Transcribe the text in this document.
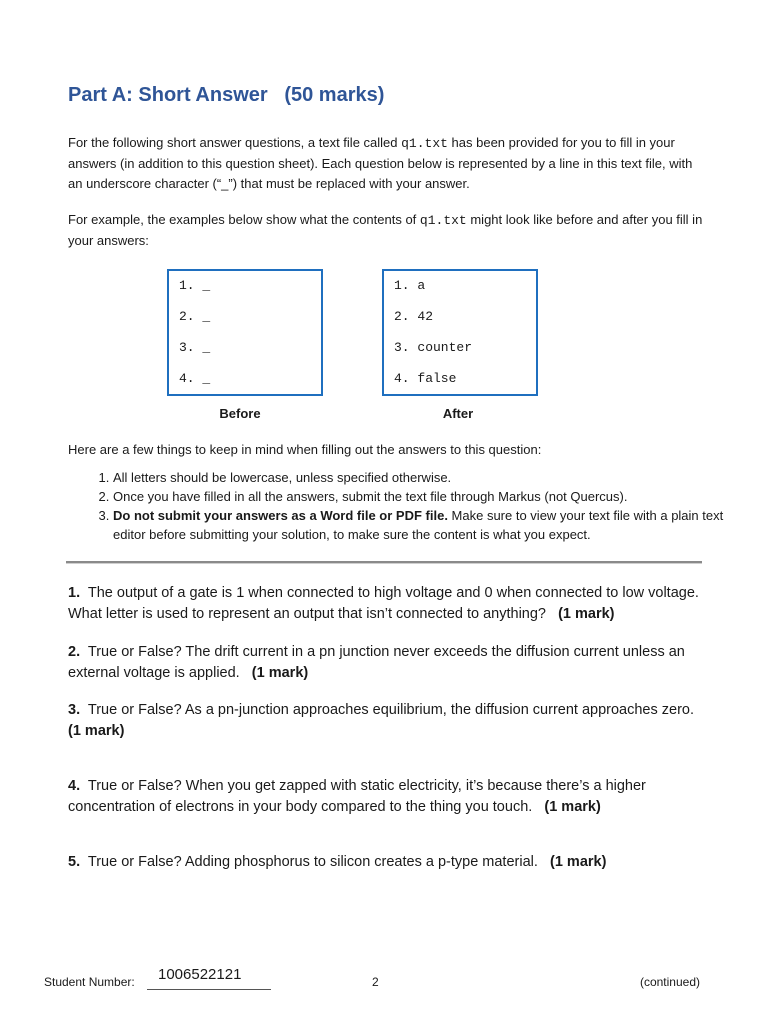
Part A: Short Answer (50 marks)
For the following short answer questions, a text file called q1.txt has been provided for you to fill in your answers (in addition to this question sheet). Each question below is represented by a line in this text file, with an underscore character (“_”) that must be replaced with your answer.
For example, the examples below show what the contents of q1.txt might look like before and after you fill in your answers:
1. _
2. _
3. _
4. _
1. a
2. 42
3. counter
4. false
Before	After
Here are a few things to keep in mind when filling out the answers to this question:
1. All letters should be lowercase, unless specified otherwise.
2. Once you have filled in all the answers, submit the text file through Markus (not Quercus).
3. Do not submit your answers as a Word file or PDF file. Make sure to view your text file with a plain text editor before submitting your solution, to make sure the content is what you expect.
1. The output of a gate is 1 when connected to high voltage and 0 when connected to low voltage. What letter is used to represent an output that isn’t connected to anything? (1 mark)
2. True or False? The drift current in a pn junction never exceeds the diffusion current unless an external voltage is applied. (1 mark)
3. True or False? As a pn-junction approaches equilibrium, the diffusion current approaches zero.  (1 mark)
4. True or False? When you get zapped with static electricity, it’s because there’s a higher concentration of electrons in your body compared to the thing you touch. (1 mark)
5. True or False? Adding phosphorus to silicon creates a p-type material. (1 mark)
Student Number: 1006522121	2	(continued)
